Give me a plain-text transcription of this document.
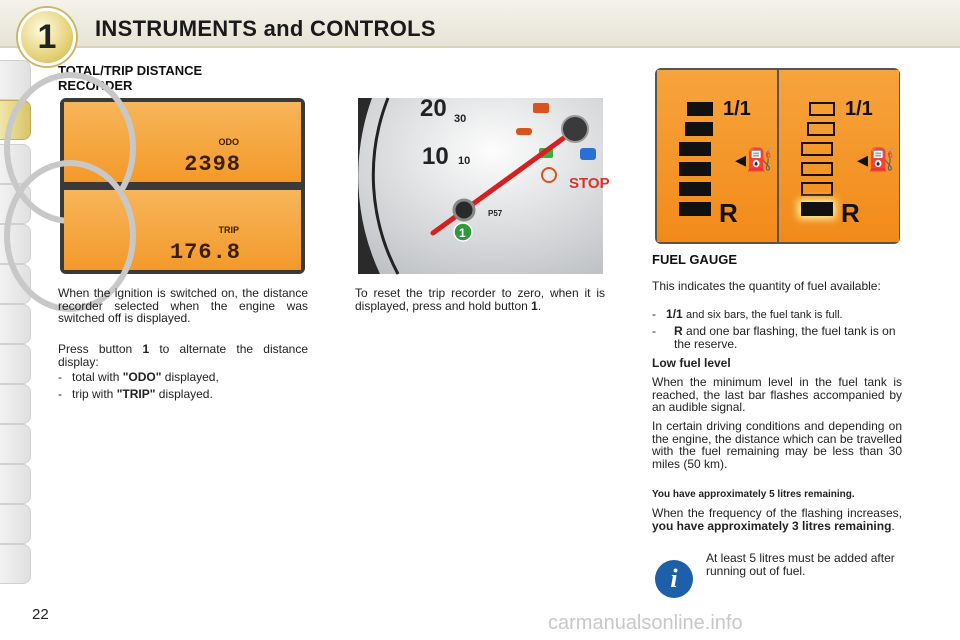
1	INSTRUMENTS and CONTROLS
TOTAL/TRIP DISTANCE
RECORDER
ODO
2398
TRIP
176.8
When the ignition is switched on, the distance recorder selected when the engine was switched off is displayed.
Press button 1 to alternate the distance display:
- total with "ODO" displayed,
- trip with "TRIP" displayed.
20 30
10 10
STOP
P57
1
To reset the trip recorder to zero, when it is displayed, press and hold button 1.
1/1
◂⛽
R
1/1
◂⛽
R
FUEL GAUGE
This indicates the quantity of fuel available:
- 1/1 and six bars, the fuel tank is full.
-	R and one bar flashing, the fuel tank is on the reserve.
Low fuel level
When the minimum level in the fuel tank is reached, the last bar flashes accompanied by an audible signal.
In certain driving conditions and depending on the engine, the distance which can be travelled with the fuel remaining may be less than 30 miles (50 km).
You have approximately 5 litres remaining.
When the frequency of the flashing increases, you have approximately 3 litres remaining.
i
At least 5 litres must be added after running out of fuel.
22	carmanualsonline.info
